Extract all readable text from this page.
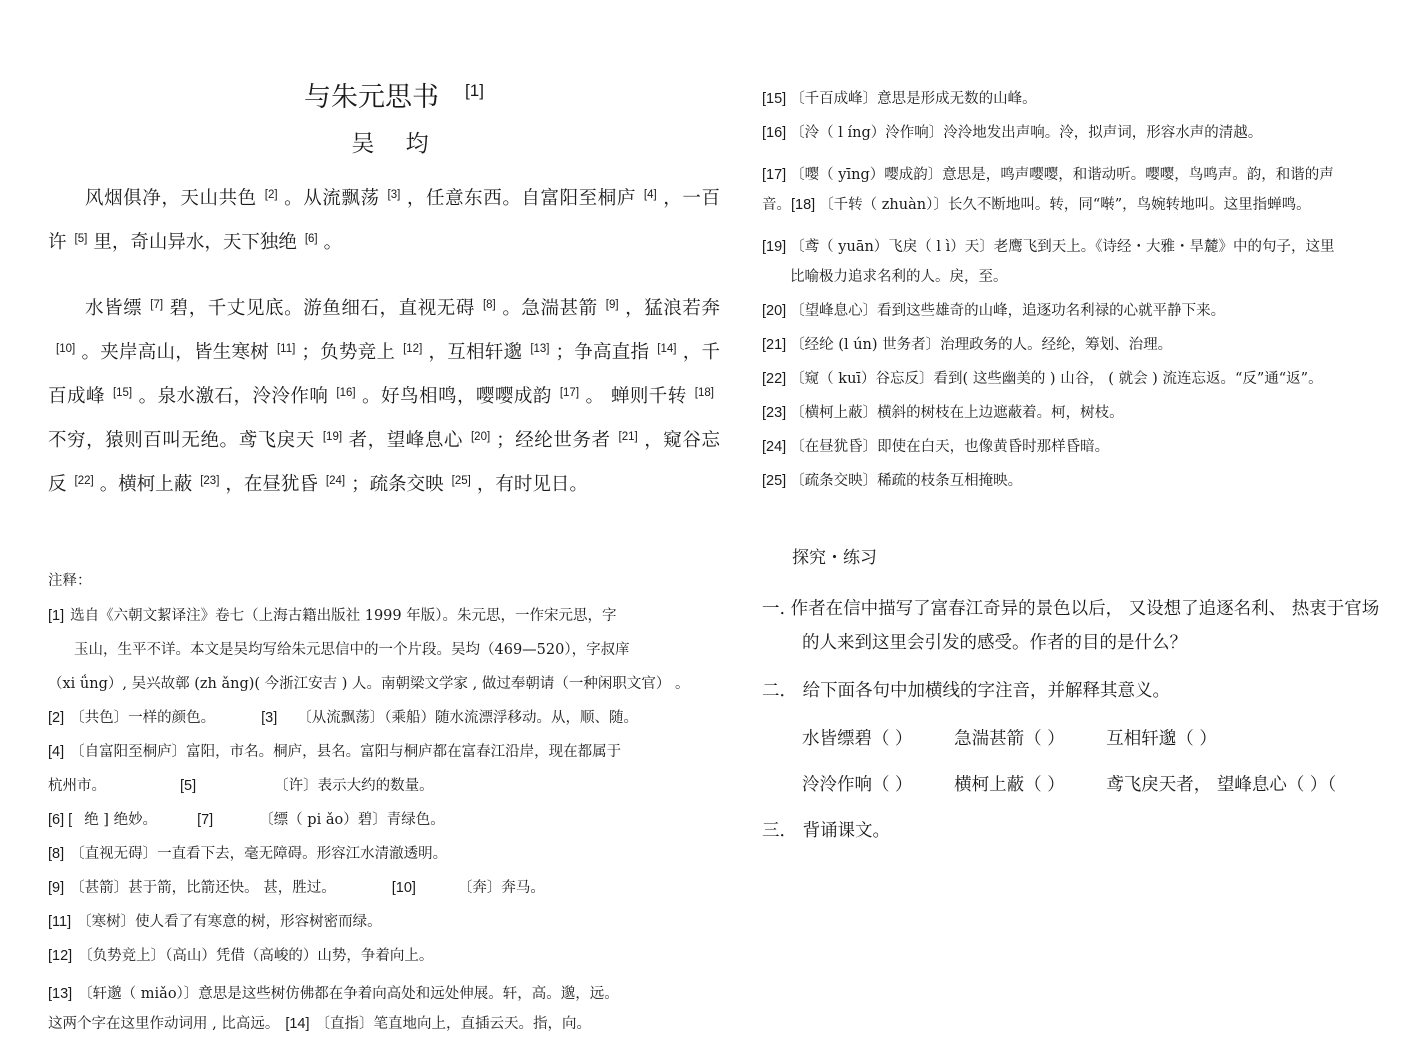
与朱元思书 [1]
吴 均

风烟俱净，天山共色 [2] 。从流飘荡 [3] ，任意东西。自富阳至桐庐 [4] ，一百许 [5] 里，奇山异水，天下独绝 [6] 。

水皆缥 [7] 碧，千丈见底。游鱼细石，直视无碍 [8] 。急湍甚箭 [9] ，猛浪若奔[10] 。夹岸高山，皆生寒树 [11] ；负势竞上 [12] ，互相轩邈 [13] ；争高直指 [14] ，千百成峰 [15] 。泉水激石，泠泠作响 [16] 。好鸟相鸣，嘤嘤成韵 [17] 。 蝉则千转 [18]不穷，猿则百叫无绝。鸢飞戾天 [19] 者，望峰息心 [20] ；经纶世务者 [21] ，窥谷忘反 [22] 。横柯上蔽 [23] ，在昼犹昏 [24] ；疏条交映 [25] ，有时见日。

注释：
[1] 选自《六朝文絜译注》卷七（上海古籍出版社 1999 年版）。朱元思，一作宋元思，字
玉山，生平不详。本文是吴均写给朱元思信中的一个片段。吴均（469—520），字叔庠
（xi ǘng）, 吴兴故鄣 (zh ǎng)( 今浙江安吉 ) 人。南朝梁文学家 , 做过奉朝请（一种闲职文官） 。
[2] 〔共色〕一样的颜色。	[3] 〔从流飘荡〕（乘船）随水流漂浮移动。从，顺、随。
[4] 〔自富阳至桐庐〕富阳，市名。桐庐，县名。富阳与桐庐都在富春江沿岸，现在都属于
杭州市。	[5]	〔许〕表示大约的数量。
[6] [ 绝 ] 绝妙。	[7]	〔缥（ pi ǎo）碧〕青绿色。
[8] 〔直视无碍〕一直看下去，毫无障碍。形容江水清澈透明。
[9] 〔甚箭〕甚于箭，比箭还快。 甚，胜过。	[10]	〔奔〕奔马。
[11] 〔寒树〕使人看了有寒意的树，形容树密而绿。
[12] 〔负势竞上〕（高山）凭借（高峻的）山势，争着向上。
[13] 〔轩邈（ miǎo）〕意思是这些树仿佛都在争着向高处和远处伸展。轩，高。邈，远。
这两个字在这里作动词用 , 比高远。 [14] 〔直指〕笔直地向上，直插云天。指，向。
[15] 〔千百成峰〕意思是形成无数的山峰。
[16] 〔泠（ l íng）泠作响〕泠泠地发出声响。泠，拟声词，形容水声的清越。
[17] 〔嘤（ yīng）嘤成韵〕意思是，鸣声嘤嘤，和谐动听。嘤嘤，鸟鸣声。韵，和谐的声
音。[18] 〔千转（ zhuàn）〕长久不断地叫。转，同“啭”，鸟婉转地叫。这里指蝉鸣。
[19] 〔鸢（ yuān）飞戾（ l ì）天〕老鹰飞到天上。《诗经・大雅・旱麓》中的句子，这里
比喻极力追求名利的人。戾，至。
[20] 〔望峰息心〕看到这些雄奇的山峰，追逐功名利禄的心就平静下来。
[21] 〔经纶 (l ún) 世务者〕治理政务的人。经纶，筹划、治理。
[22] 〔窥（ kuī）谷忘反〕看到( 这些幽美的 ) 山谷， ( 就会 ) 流连忘返。“反”通“返”。
[23] 〔横柯上蔽〕横斜的树枝在上边遮蔽着。柯，树枝。
[24] 〔在昼犹昏〕即使在白天，也像黄昏时那样昏暗。
[25] 〔疏条交映〕稀疏的枝条互相掩映。
探究・练习
一. 作者在信中描写了富春江奇异的景色以后， 又设想了追逐名利、 热衷于官场
的人来到这里会引发的感受。作者的目的是什么？
二． 给下面各句中加横线的字注音，并解释其意义。
水皆缥碧（ ） 急湍甚箭（ ） 互相轩邈（ ）
泠泠作响（ ） 横柯上蔽（ ） 鸢飞戾天者， 望峰息心（ ）（
三． 背诵课文。
